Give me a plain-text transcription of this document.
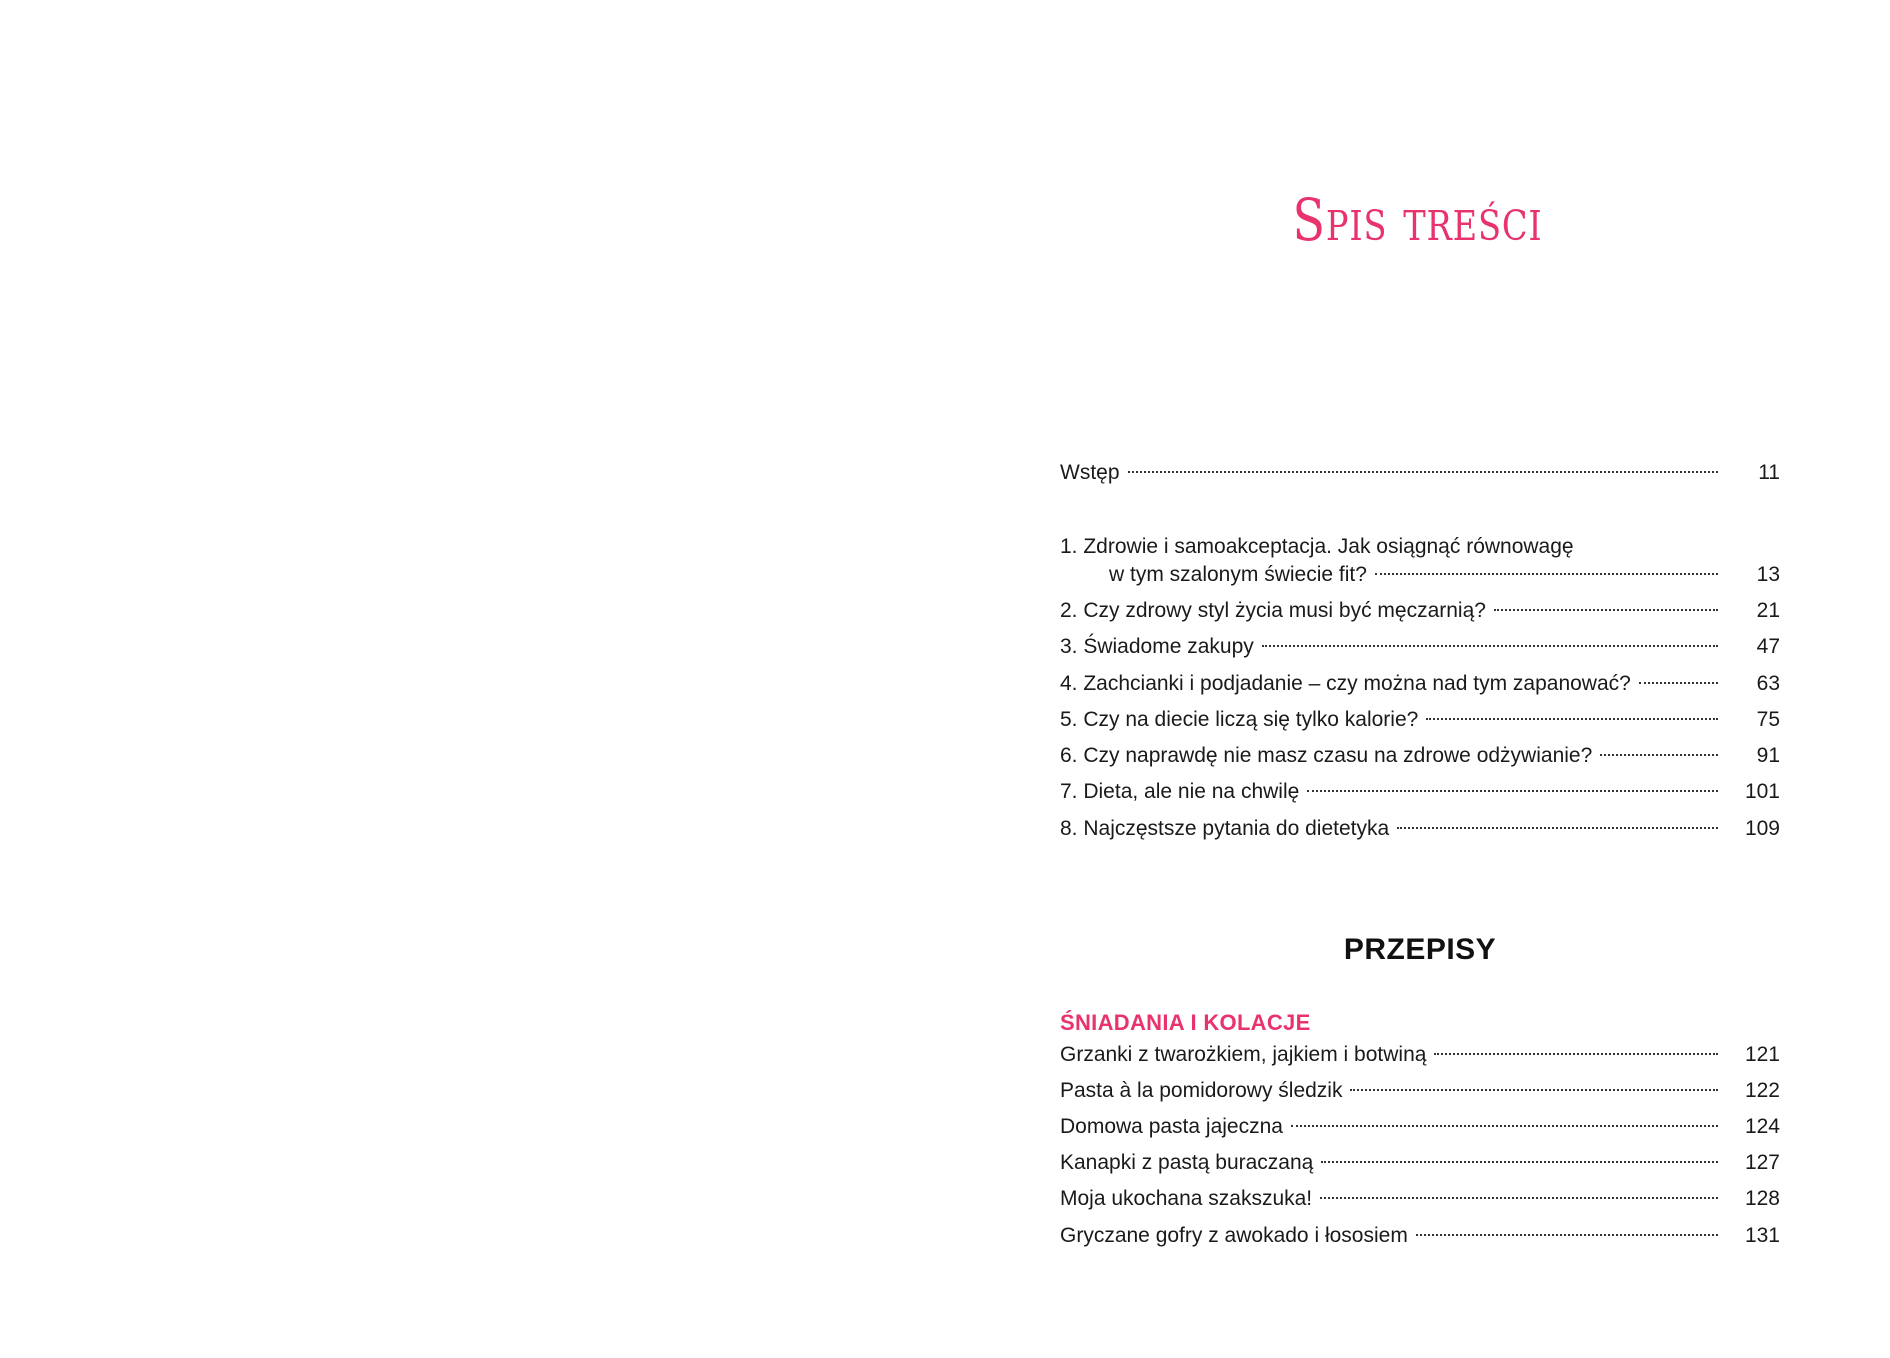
Spis treści
Wstęp	11
1. Zdrowie i samoakceptacja. Jak osiągnąć równowagę
w tym szalonym świecie fit?	13
2. Czy zdrowy styl życia musi być męczarnią?	21
3. Świadome zakupy	47
4. Zachcianki i podjadanie – czy można nad tym zapanować?	63
5. Czy na diecie liczą się tylko kalorie?	75
6. Czy naprawdę nie masz czasu na zdrowe odżywianie?	91
7. Dieta, ale nie na chwilę	101
8. Najczęstsze pytania do dietetyka	109
PRZEPISY
ŚNIADANIA I KOLACJE
Grzanki z twarożkiem, jajkiem i botwiną	121
Pasta à la pomidorowy śledzik	122
Domowa pasta jajeczna	124
Kanapki z pastą buraczaną	127
Moja ukochana szakszuka!	128
Gryczane gofry z awokado i łososiem	131
